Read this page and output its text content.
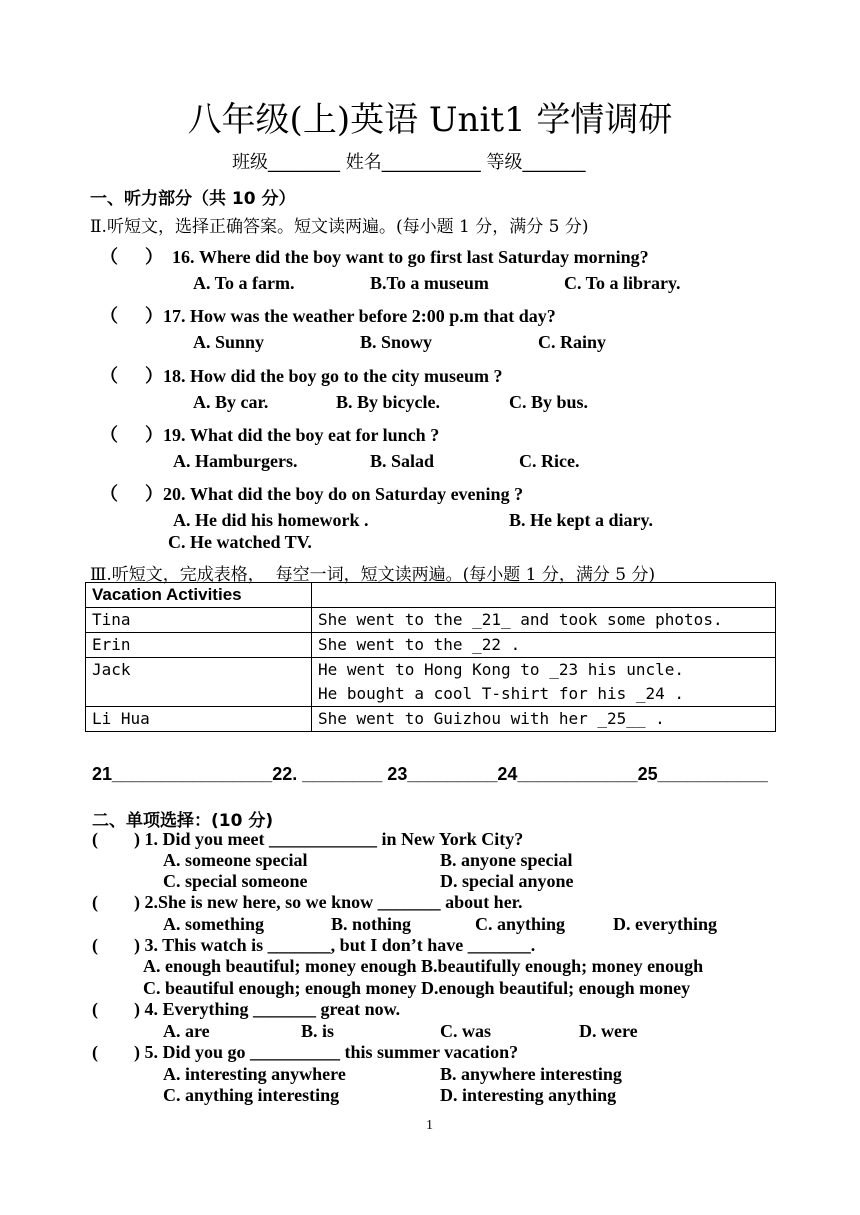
八年级(上)英语 Unit1 学情调研
班级________ 姓名___________ 等级_______
一、听力部分（共 10 分）
Ⅱ.听短文，选择正确答案。短文读两遍。(每小题 1 分，满分 5 分)
（      ）  16. Where did the boy want to go first last Saturday morning?
A. To a farm.	B.To a museum	C. To a library.
（      ）17. How was the weather before 2:00 p.m that day?
A. Sunny	B. Snowy	C. Rainy
（      ）18. How did the boy go to the city museum ?
A. By car.	B. By bicycle.	C. By bus.
（      ）19. What did the boy eat for lunch ?
A. Hamburgers.	B. Salad	C. Rice.
（      ）20. What did the boy do on Saturday evening ?
A. He did his homework .	B. He kept a diary.
C. He watched TV.
Ⅲ.听短文，完成表格，  每空一词，短文读两遍。(每小题 1 分，满分 5 分)
Vacation Activities	
Tina	She went to the _21_ and took some photos.
Erin	She went to the _22 .
Jack	He went to Hong Kong to _23 his uncle.
He bought a cool T-shirt for his _24 .

Li Hua	She went to Guizhou with her _25__ .
21________________22. ________ 23_________24____________25___________
二、单项选择：(10 分)
(        ) 1. Did you meet ____________ in New York City?
A. someone special	B. anyone special
C. special someone	D. special anyone
(        ) 2.She is new here, so we know _______ about her.
A. something	B. nothing	C. anything	D. everything
(        ) 3. This watch is _______, but I don’t have _______.
A. enough beautiful; money enough B.beautifully enough; money enough
C. beautiful enough; enough money D.enough beautiful; enough money
(        ) 4. Everything _______ great now.
A. are	B. is	C. was	D. were
(        ) 5. Did you go __________ this summer vacation?
A. interesting anywhere	B. anywhere interesting
C. anything interesting	D. interesting anything
1
